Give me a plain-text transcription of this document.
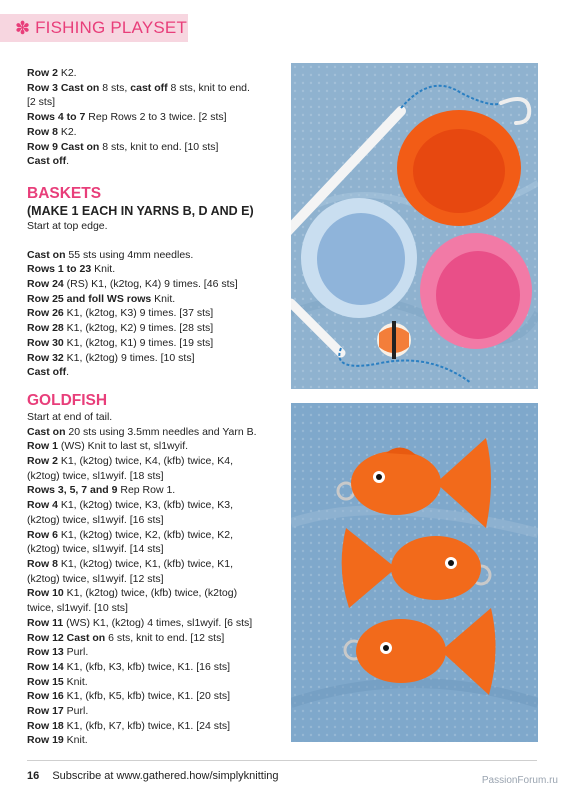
✽ FISHING PLAYSET
Row 2 K2.
Row 3 Cast on 8 sts, cast off 8 sts, knit to end.
[2 sts]
Rows 4 to 7 Rep Rows 2 to 3 twice. [2 sts]
Row 8 K2.
Row 9 Cast on 8 sts, knit to end. [10 sts]
Cast off.
BASKETS
(MAKE 1 EACH IN YARNS B, D AND E)
Start at top edge.
Cast on 55 sts using 4mm needles.
Rows 1 to 23 Knit.
Row 24 (RS) K1, (k2tog, K4) 9 times. [46 sts]
Row 25 and foll WS rows Knit.
Row 26 K1, (k2tog, K3) 9 times. [37 sts]
Row 28 K1, (k2tog, K2) 9 times. [28 sts]
Row 30 K1, (k2tog, K1) 9 times. [19 sts]
Row 32 K1, (k2tog) 9 times. [10 sts]
Cast off.
GOLDFISH
Start at end of tail.
Cast on 20 sts using 3.5mm needles and Yarn B.
Row 1 (WS) Knit to last st, sl1wyif.
Row 2 K1, (k2tog) twice, K4, (kfb) twice, K4,
(k2tog) twice, sl1wyif. [18 sts]
Rows 3, 5, 7 and 9 Rep Row 1.
Row 4 K1, (k2tog) twice, K3, (kfb) twice, K3,
(k2tog) twice, sl1wyif. [16 sts]
Row 6 K1, (k2tog) twice, K2, (kfb) twice, K2,
(k2tog) twice, sl1wyif. [14 sts]
Row 8 K1, (k2tog) twice, K1, (kfb) twice, K1,
(k2tog) twice, sl1wyif. [12 sts]
Row 10 K1, (k2tog) twice, (kfb) twice, (k2tog)
twice, sl1wyif. [10 sts]
Row 11 (WS) K1, (k2tog) 4 times, sl1wyif. [6 sts]
Row 12 Cast on 6 sts, knit to end. [12 sts]
Row 13 Purl.
Row 14 K1, (kfb, K3, kfb) twice, K1. [16 sts]
Row 15 Knit.
Row 16 K1, (kfb, K5, kfb) twice, K1. [20 sts]
Row 17 Purl.
Row 18 K1, (kfb, K7, kfb) twice, K1. [24 sts]
Row 19 Knit.
16 Subscribe at www.gathered.how/simplyknitting	PassionForum.ru
